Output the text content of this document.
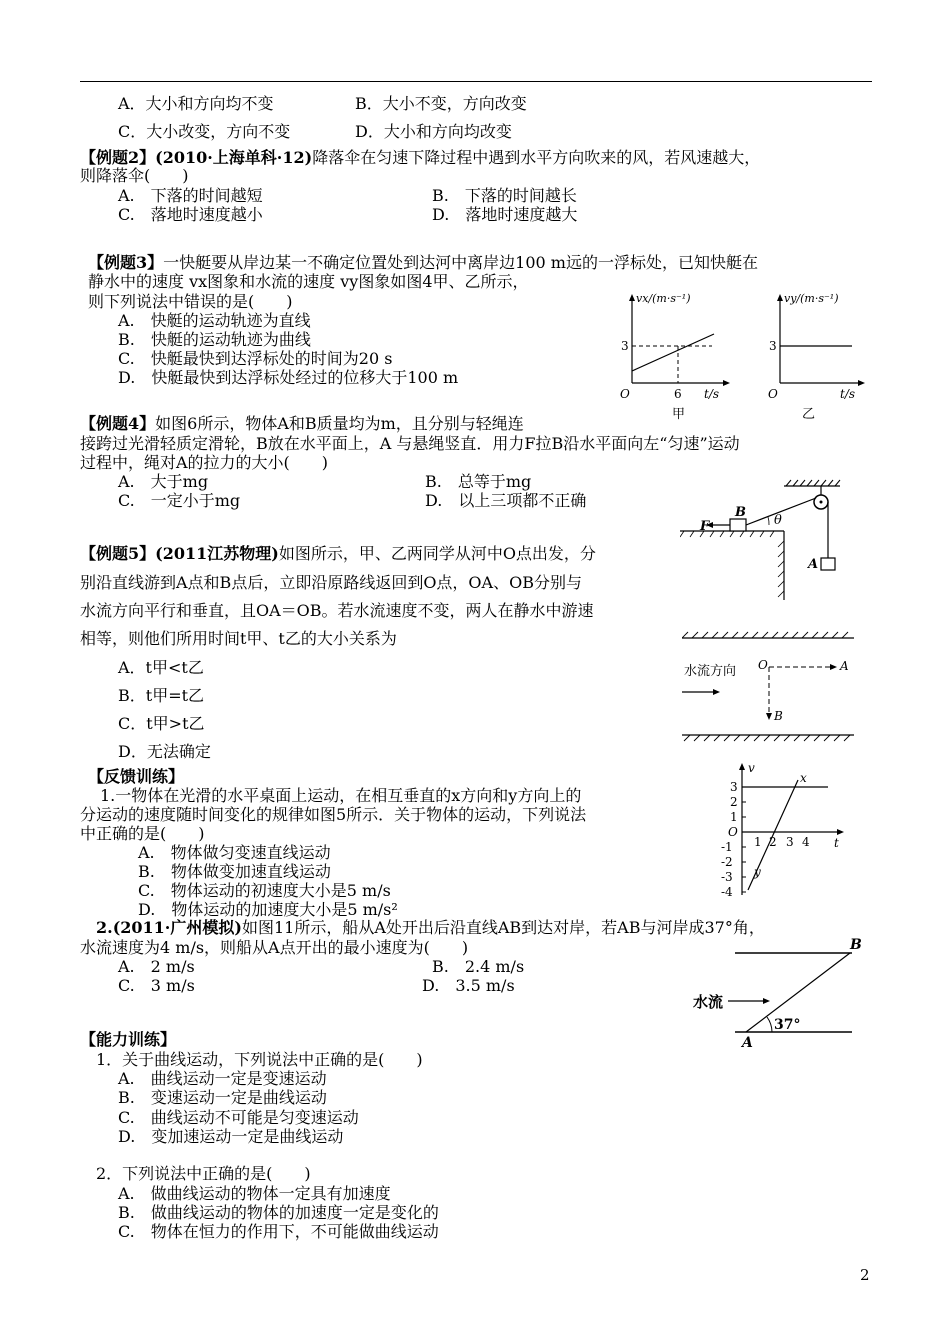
A．大小和方向均不变	B．大小不变，方向改变
C．大小改变，方向不变	D．大小和方向均改变
【例题2】(2010·上海单科·12)降落伞在匀速下降过程中遇到水平方向吹来的风，若风速越大，
则降落伞(　　)
A.　下落的时间越短	B.　下落的时间越长
C.　落地时速度越小	D.　落地时速度越大
【例题3】一快艇要从岸边某一不确定位置处到达河中离岸边100 m远的一浮标处，已知快艇在
静水中的速度 vx图象和水流的速度 vy图象如图4甲、乙所示，
则下列说法中错误的是(　　)
A.　快艇的运动轨迹为直线
B.　快艇的运动轨迹为曲线
C.　快艇最快到达浮标处的时间为20 s
D.　快艇最快到达浮标处经过的位移大于100 m
vx/(m·s⁻¹)
3
6
O	t/s
甲
vy/(m·s⁻¹)
3
O	t/s
乙
【例题4】如图6所示，物体A和B质量均为m，且分别与轻绳连
接跨过光滑轻质定滑轮，B放在水平面上，A 与悬绳竖直．用力F拉B沿水平面向左“匀速”运动
过程中，绳对A的拉力的大小(　　)
A.　大于mg	B.　总等于mg
C.　一定小于mg	D.　以上三项都不正确
F
B
θ
A
【例题5】(2011江苏物理)如图所示，甲、乙两同学从河中O点出发，分
别沿直线游到A点和B点后，立即沿原路线返回到O点，OA、OB分别与
水流方向平行和垂直，且OA＝OB。若水流速度不变，两人在静水中游速
相等，则他们所用时间t甲、t乙的大小关系为
A．t甲<t乙
B．t甲=t乙
C．t甲>t乙
D．无法确定
水流方向 O	A
B
【反馈训练】
1.一物体在光滑的水平桌面上运动，在相互垂直的x方向和y方向上的
分运动的速度随时间变化的规律如图5所示．关于物体的运动，下列说法
中正确的是(　　)
A.　物体做匀变速直线运动
B.　物体做变加速直线运动
C.　物体运动的初速度大小是5 m/s
D.　物体运动的加速度大小是5 m/s²
v
t
O
x
y
3
2
1
-1
-2
-3
-4
1 2 3 4
2.(2011·广州模拟)如图11所示，船从A处开出后沿直线AB到达对岸，若AB与河岸成37°角，
水流速度为4 m/s，则船从A点开出的最小速度为(　　)
A.　2 m/s	B.　2.4 m/s
C.　3 m/s	D.　3.5 m/s
B
A
水流
37°
【能力训练】
1．关于曲线运动，下列说法中正确的是(　　)
A.　曲线运动一定是变速运动
B.　变速运动一定是曲线运动
C.　曲线运动不可能是匀变速运动
D.　变加速运动一定是曲线运动
2．下列说法中正确的是(　　)
A.　做曲线运动的物体一定具有加速度
B.　做曲线运动的物体的加速度一定是变化的
C.　物体在恒力的作用下，不可能做曲线运动
2
